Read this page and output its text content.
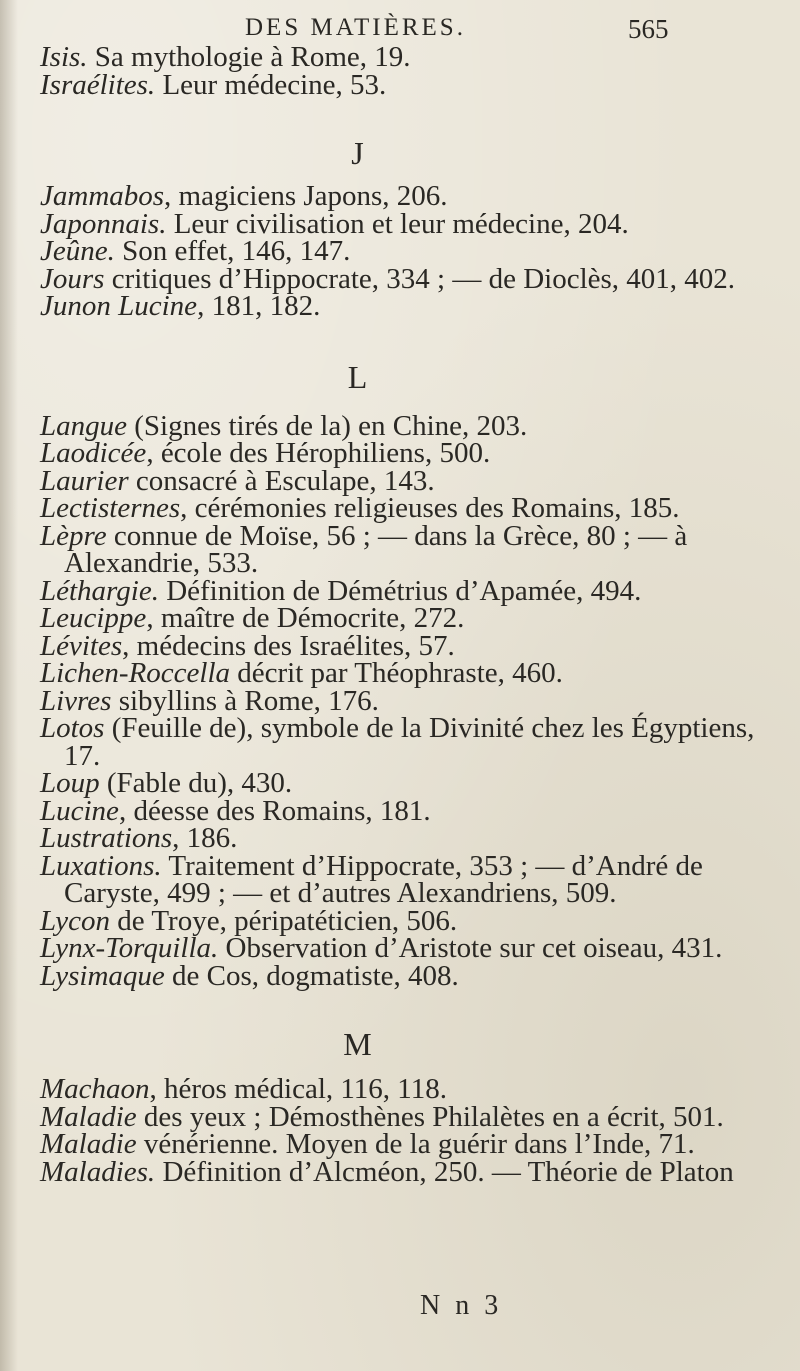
DES MATIÈRES.	565

Isis. Sa mythologie à Rome, 19.

Israélites. Leur médecine, 53.

J

Jammabos, magiciens Japons, 206.

Japonnais. Leur civilisation et leur médecine, 204.

Jeûne. Son effet, 146, 147.

Jours critiques d’Hippocrate, 334 ; — de Dioclès, 401, 402.

Junon Lucine, 181, 182.

L

Langue (Signes tirés de la) en Chine, 203.

Laodicée, école des Hérophiliens, 500.

Laurier consacré à Esculape, 143.

Lectisternes, cérémonies religieuses des Romains, 185.

Lèpre connue de Moïse, 56 ; — dans la Grèce, 80 ; — à Alexandrie, 533.

Léthargie. Définition de Démétrius d’Apamée, 494.

Leucippe, maître de Démocrite, 272.

Lévites, médecins des Israélites, 57.

Lichen-Roccella décrit par Théophraste, 460.

Livres sibyllins à Rome, 176.

Lotos (Feuille de), symbole de la Divinité chez les Égyptiens, 17.

Loup (Fable du), 430.

Lucine, déesse des Romains, 181.

Lustrations, 186.

Luxations. Traitement d’Hippocrate, 353 ; — d’André de Caryste, 499 ; — et d’autres Alexandriens, 509.

Lycon de Troye, péripatéticien, 506.

Lynx-Torquilla. Observation d’Aristote sur cet oiseau, 431.

Lysimaque de Cos, dogmatiste, 408.

M

Machaon, héros médical, 116, 118.

Maladie des yeux ; Démosthènes Philalètes en a écrit, 501.

Maladie vénérienne. Moyen de la guérir dans l’Inde, 71.

Maladies. Définition d’Alcméon, 250. — Théorie de Platon

N n 3
